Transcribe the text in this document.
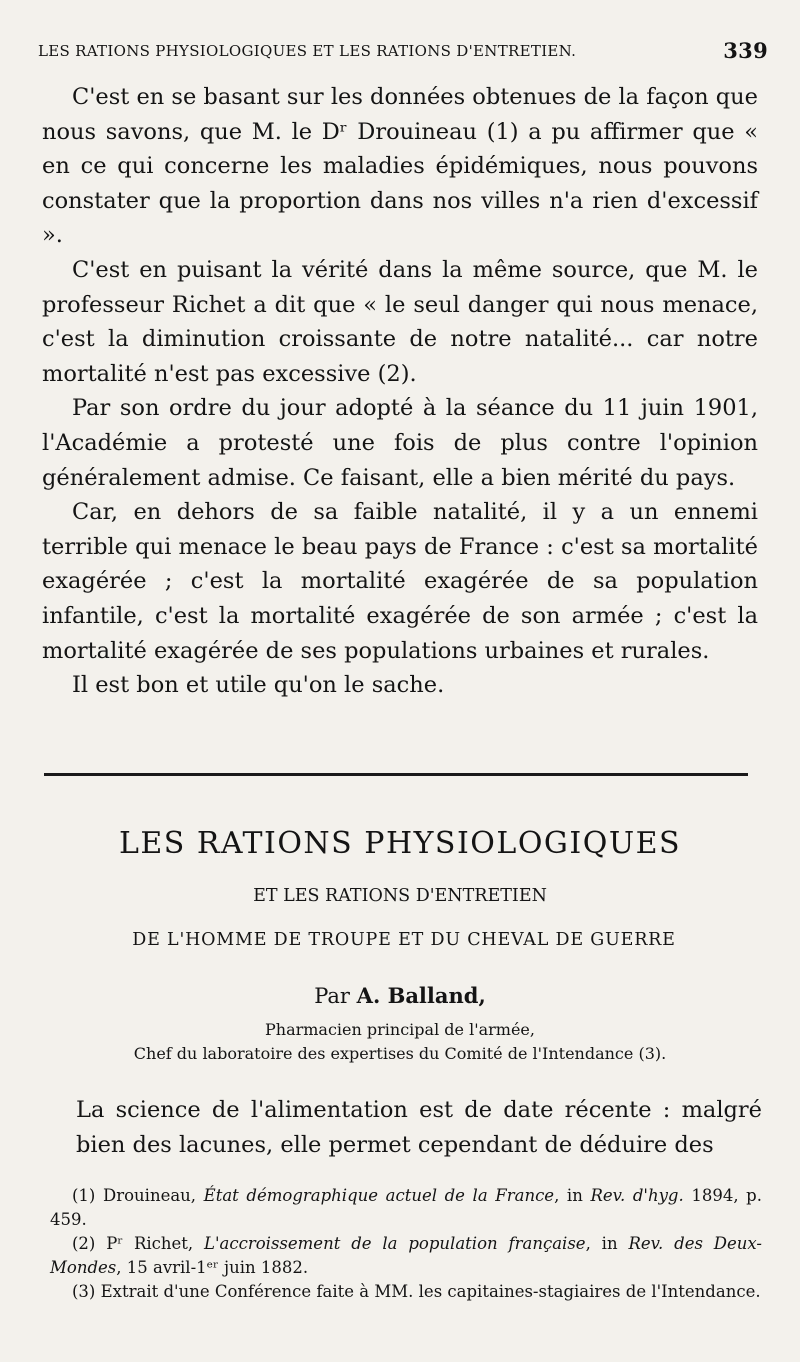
LES RATIONS PHYSIOLOGIQUES ET LES RATIONS D'ENTRETIEN.	339

C'est en se basant sur les données obtenues de la façon que nous savons, que M. le Dʳ Drouineau (1) a pu affirmer que « en ce qui concerne les maladies épidémiques, nous pouvons constater que la proportion dans nos villes n'a rien d'excessif ».

C'est en puisant la vérité dans la même source, que M. le professeur Richet a dit que « le seul danger qui nous menace, c'est la diminution croissante de notre natalité... car notre mortalité n'est pas excessive (2).

Par son ordre du jour adopté à la séance du 11 juin 1901, l'Académie a protesté une fois de plus contre l'opinion généralement admise. Ce faisant, elle a bien mérité du pays.

Car, en dehors de sa faible natalité, il y a un ennemi terrible qui menace le beau pays de France : c'est sa mortalité exagérée ; c'est la mortalité exagérée de sa population infantile, c'est la mortalité exagérée de son armée ; c'est la mortalité exagérée de ses populations urbaines et rurales.

Il est bon et utile qu'on le sache.

LES RATIONS PHYSIOLOGIQUES
ET LES RATIONS D'ENTRETIEN
DE L'HOMME DE TROUPE ET DU CHEVAL DE GUERRE
Par A. Balland,
Pharmacien principal de l'armée,
Chef du laboratoire des expertises du Comité de l'Intendance (3).

La science de l'alimentation est de date récente : malgré bien des lacunes, elle permet cependant de déduire des

(1) Drouineau, État démographique actuel de la France, in Rev. d'hyg. 1894, p. 459.

(2) Pʳ Richet, L'accroissement de la population française, in Rev. des Deux-Mondes, 15 avril-1ᵉʳ juin 1882.

(3) Extrait d'une Conférence faite à MM. les capitaines-stagiaires de l'Intendance.
